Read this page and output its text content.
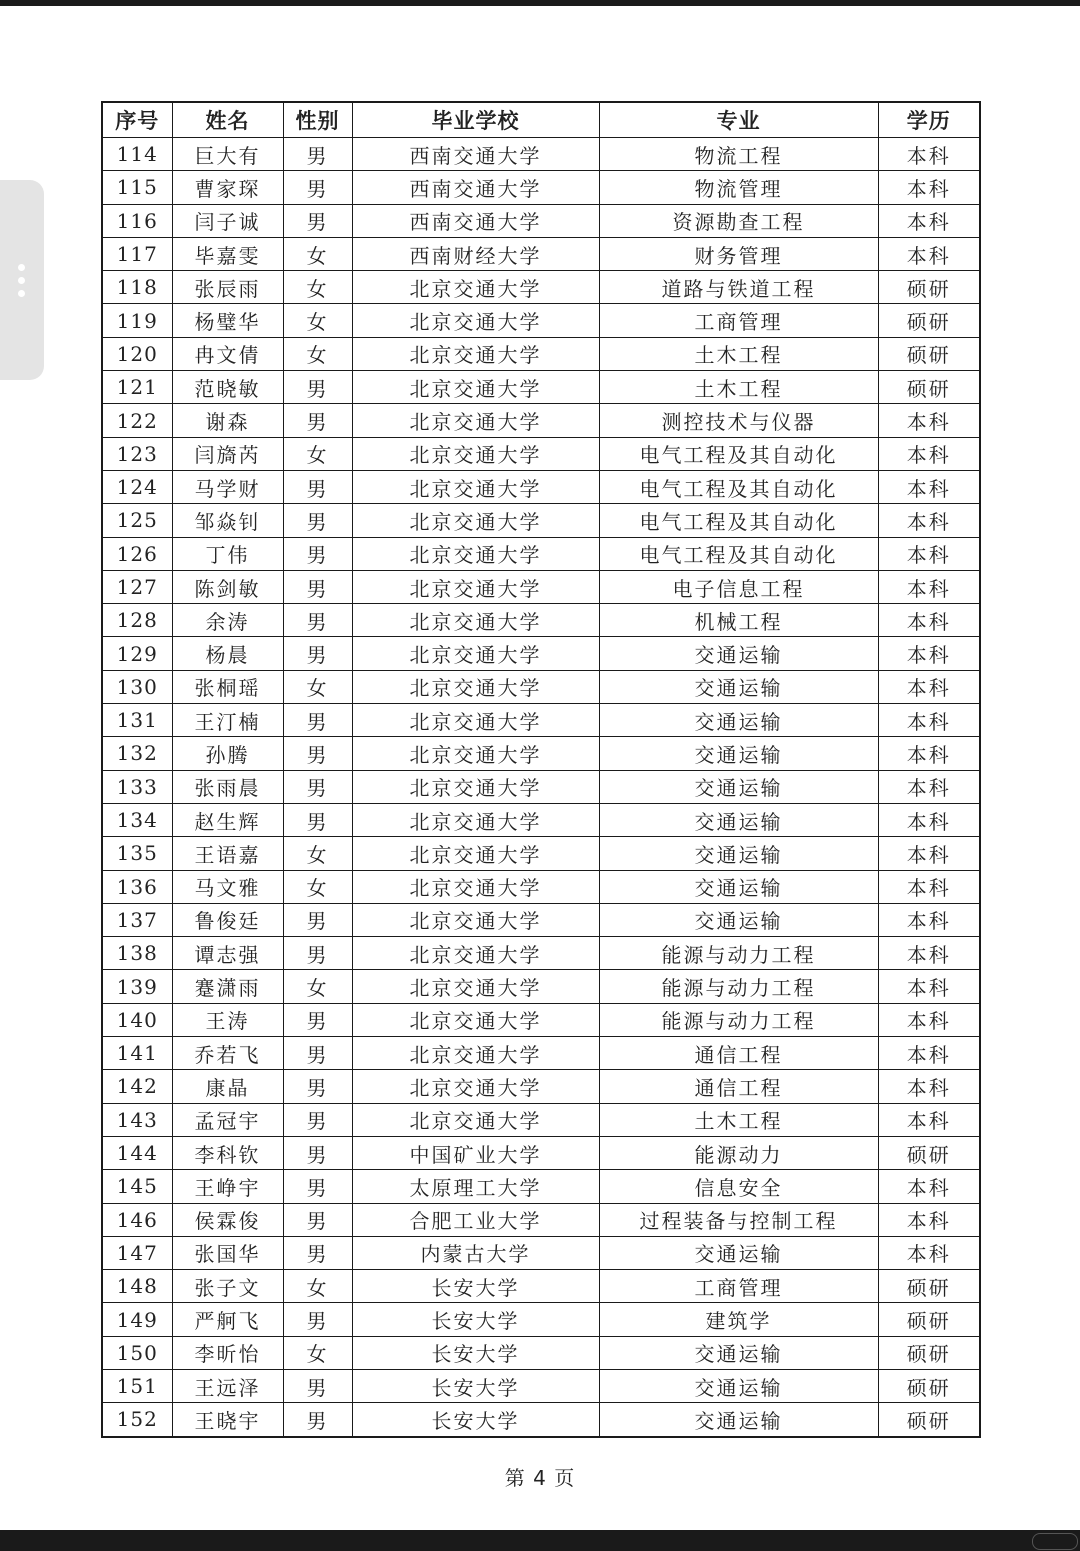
序号	姓名	性别	毕业学校	专业	学历
114	巨大有	男	西南交通大学	物流工程	本科
115	曹家琛	男	西南交通大学	物流管理	本科
116	闫子诚	男	西南交通大学	资源勘查工程	本科
117	毕嘉雯	女	西南财经大学	财务管理	本科
118	张辰雨	女	北京交通大学	道路与铁道工程	硕研
119	杨璧华	女	北京交通大学	工商管理	硕研
120	冉文倩	女	北京交通大学	土木工程	硕研
121	范晓敏	男	北京交通大学	土木工程	硕研
122	谢森	男	北京交通大学	测控技术与仪器	本科
123	闫旖芮	女	北京交通大学	电气工程及其自动化	本科
124	马学财	男	北京交通大学	电气工程及其自动化	本科
125	邹焱钊	男	北京交通大学	电气工程及其自动化	本科
126	丁伟	男	北京交通大学	电气工程及其自动化	本科
127	陈剑敏	男	北京交通大学	电子信息工程	本科
128	余涛	男	北京交通大学	机械工程	本科
129	杨晨	男	北京交通大学	交通运输	本科
130	张桐瑶	女	北京交通大学	交通运输	本科
131	王汀楠	男	北京交通大学	交通运输	本科
132	孙腾	男	北京交通大学	交通运输	本科
133	张雨晨	男	北京交通大学	交通运输	本科
134	赵生辉	男	北京交通大学	交通运输	本科
135	王语嘉	女	北京交通大学	交通运输	本科
136	马文雅	女	北京交通大学	交通运输	本科
137	鲁俊廷	男	北京交通大学	交通运输	本科
138	谭志强	男	北京交通大学	能源与动力工程	本科
139	蹇潇雨	女	北京交通大学	能源与动力工程	本科
140	王涛	男	北京交通大学	能源与动力工程	本科
141	乔若飞	男	北京交通大学	通信工程	本科
142	康晶	男	北京交通大学	通信工程	本科
143	孟冠宇	男	北京交通大学	土木工程	本科
144	李科钦	男	中国矿业大学	能源动力	硕研
145	王峥宇	男	太原理工大学	信息安全	本科
146	侯霖俊	男	合肥工业大学	过程装备与控制工程	本科
147	张国华	男	内蒙古大学	交通运输	本科
148	张子文	女	长安大学	工商管理	硕研
149	严舸飞	男	长安大学	建筑学	硕研
150	李昕怡	女	长安大学	交通运输	硕研
151	王远泽	男	长安大学	交通运输	硕研
152	王晓宇	男	长安大学	交通运输	硕研
第 4 页
